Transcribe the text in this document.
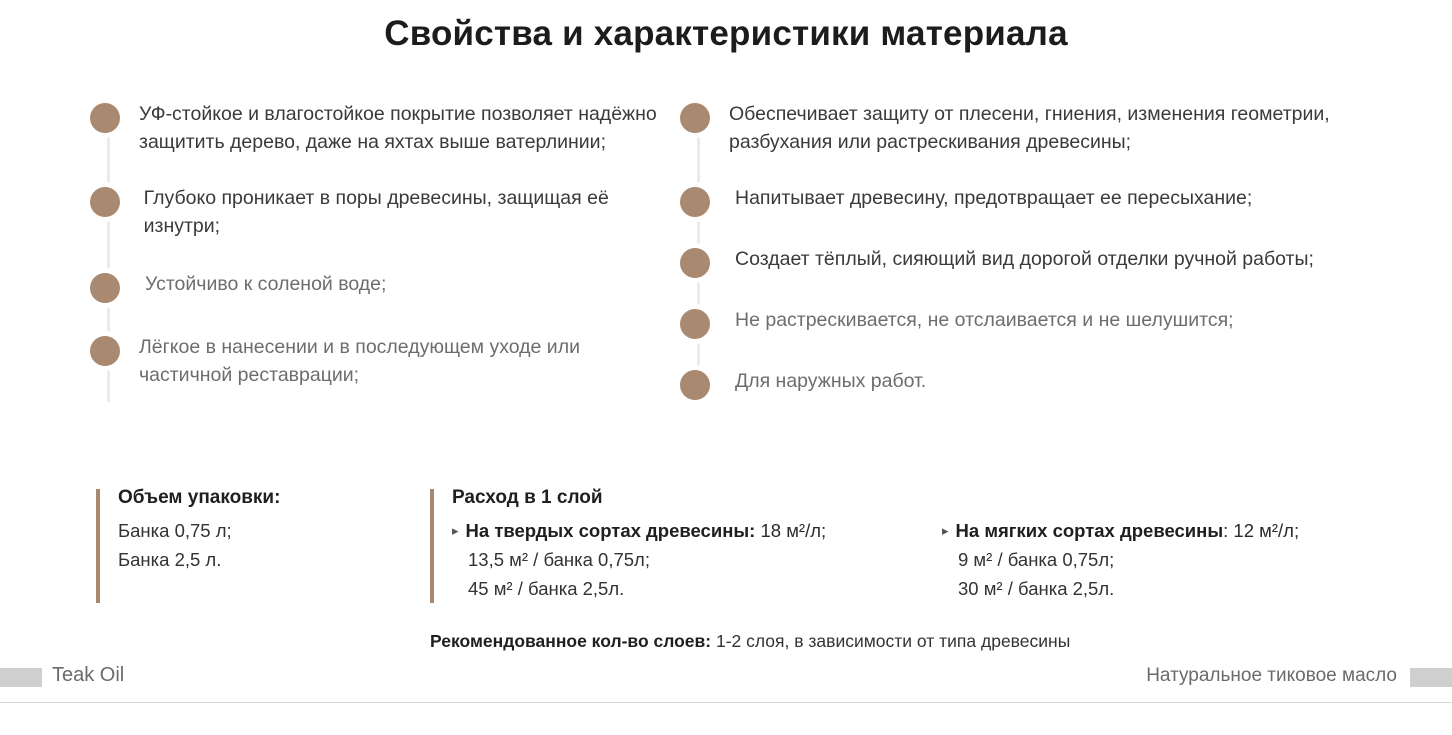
Свойства и характеристики материала
УФ-стойкое и влагостойкое покрытие позволяет надёжно защитить дерево, даже на яхтах выше ватерлинии;
Глубоко проникает в поры древесины, защищая её изнутри;
Устойчиво к соленой воде;
Лёгкое в нанесении и в последующем уходе или частичной реставрации;
Обеспечивает защиту от плесени, гниения, изменения геометрии, разбухания или растрескивания древесины;
Напитывает древесину, предотвращает ее пересыхание;
Создает тёплый, сияющий вид дорогой отделки ручной работы;
Не растрескивается, не отслаивается и не шелушится;
Для наружных работ.
Объем упаковки:
Банка 0,75 л;
Банка 2,5 л.
Расход в 1 слой
▸ На твердых сортах древесины: 18 м²/л;
13,5 м² / банка 0,75л;
45 м² / банка 2,5л.
▸ На мягких сортах древесины: 12 м²/л;
9 м² / банка 0,75л;
30 м² / банка 2,5л.
Рекомендованное кол-во слоев: 1-2 слоя, в зависимости от типа древесины
Teak Oil	Натуральное тиковое масло
